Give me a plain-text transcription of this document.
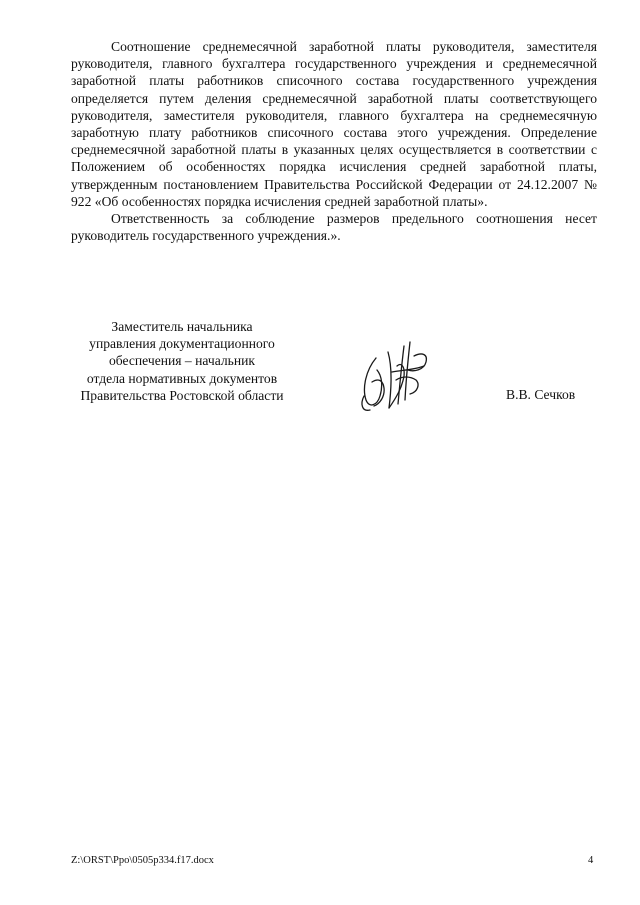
Соотношение среднемесячной заработной платы руководителя, заместителя руководителя, главного бухгалтера государственного учреждения и среднемесячной заработной платы работников списочного состава государственного учреждения определяется путем деления среднемесячной заработной платы соответствующего руководителя, заместителя руководителя, главного бухгалтера на среднемесячную заработную плату работников списочного состава этого учреждения. Определение среднемесячной заработной платы в указанных целях осуществляется в соответствии с Положением об особенностях порядка исчисления средней заработной платы, утвержденным постановлением Правительства Российской Федерации от 24.12.2007 № 922 «Об особенностях порядка исчисления средней заработной платы».

Ответственность за соблюдение размеров предельного соотношения несет руководитель государственного учреждения.».

Заместитель начальника
управления документационного
обеспечения – начальник
отдела нормативных документов
Правительства Ростовской области	В.В. Сечков
Z:\ORST\Ppo\0505p334.f17.docx	4
